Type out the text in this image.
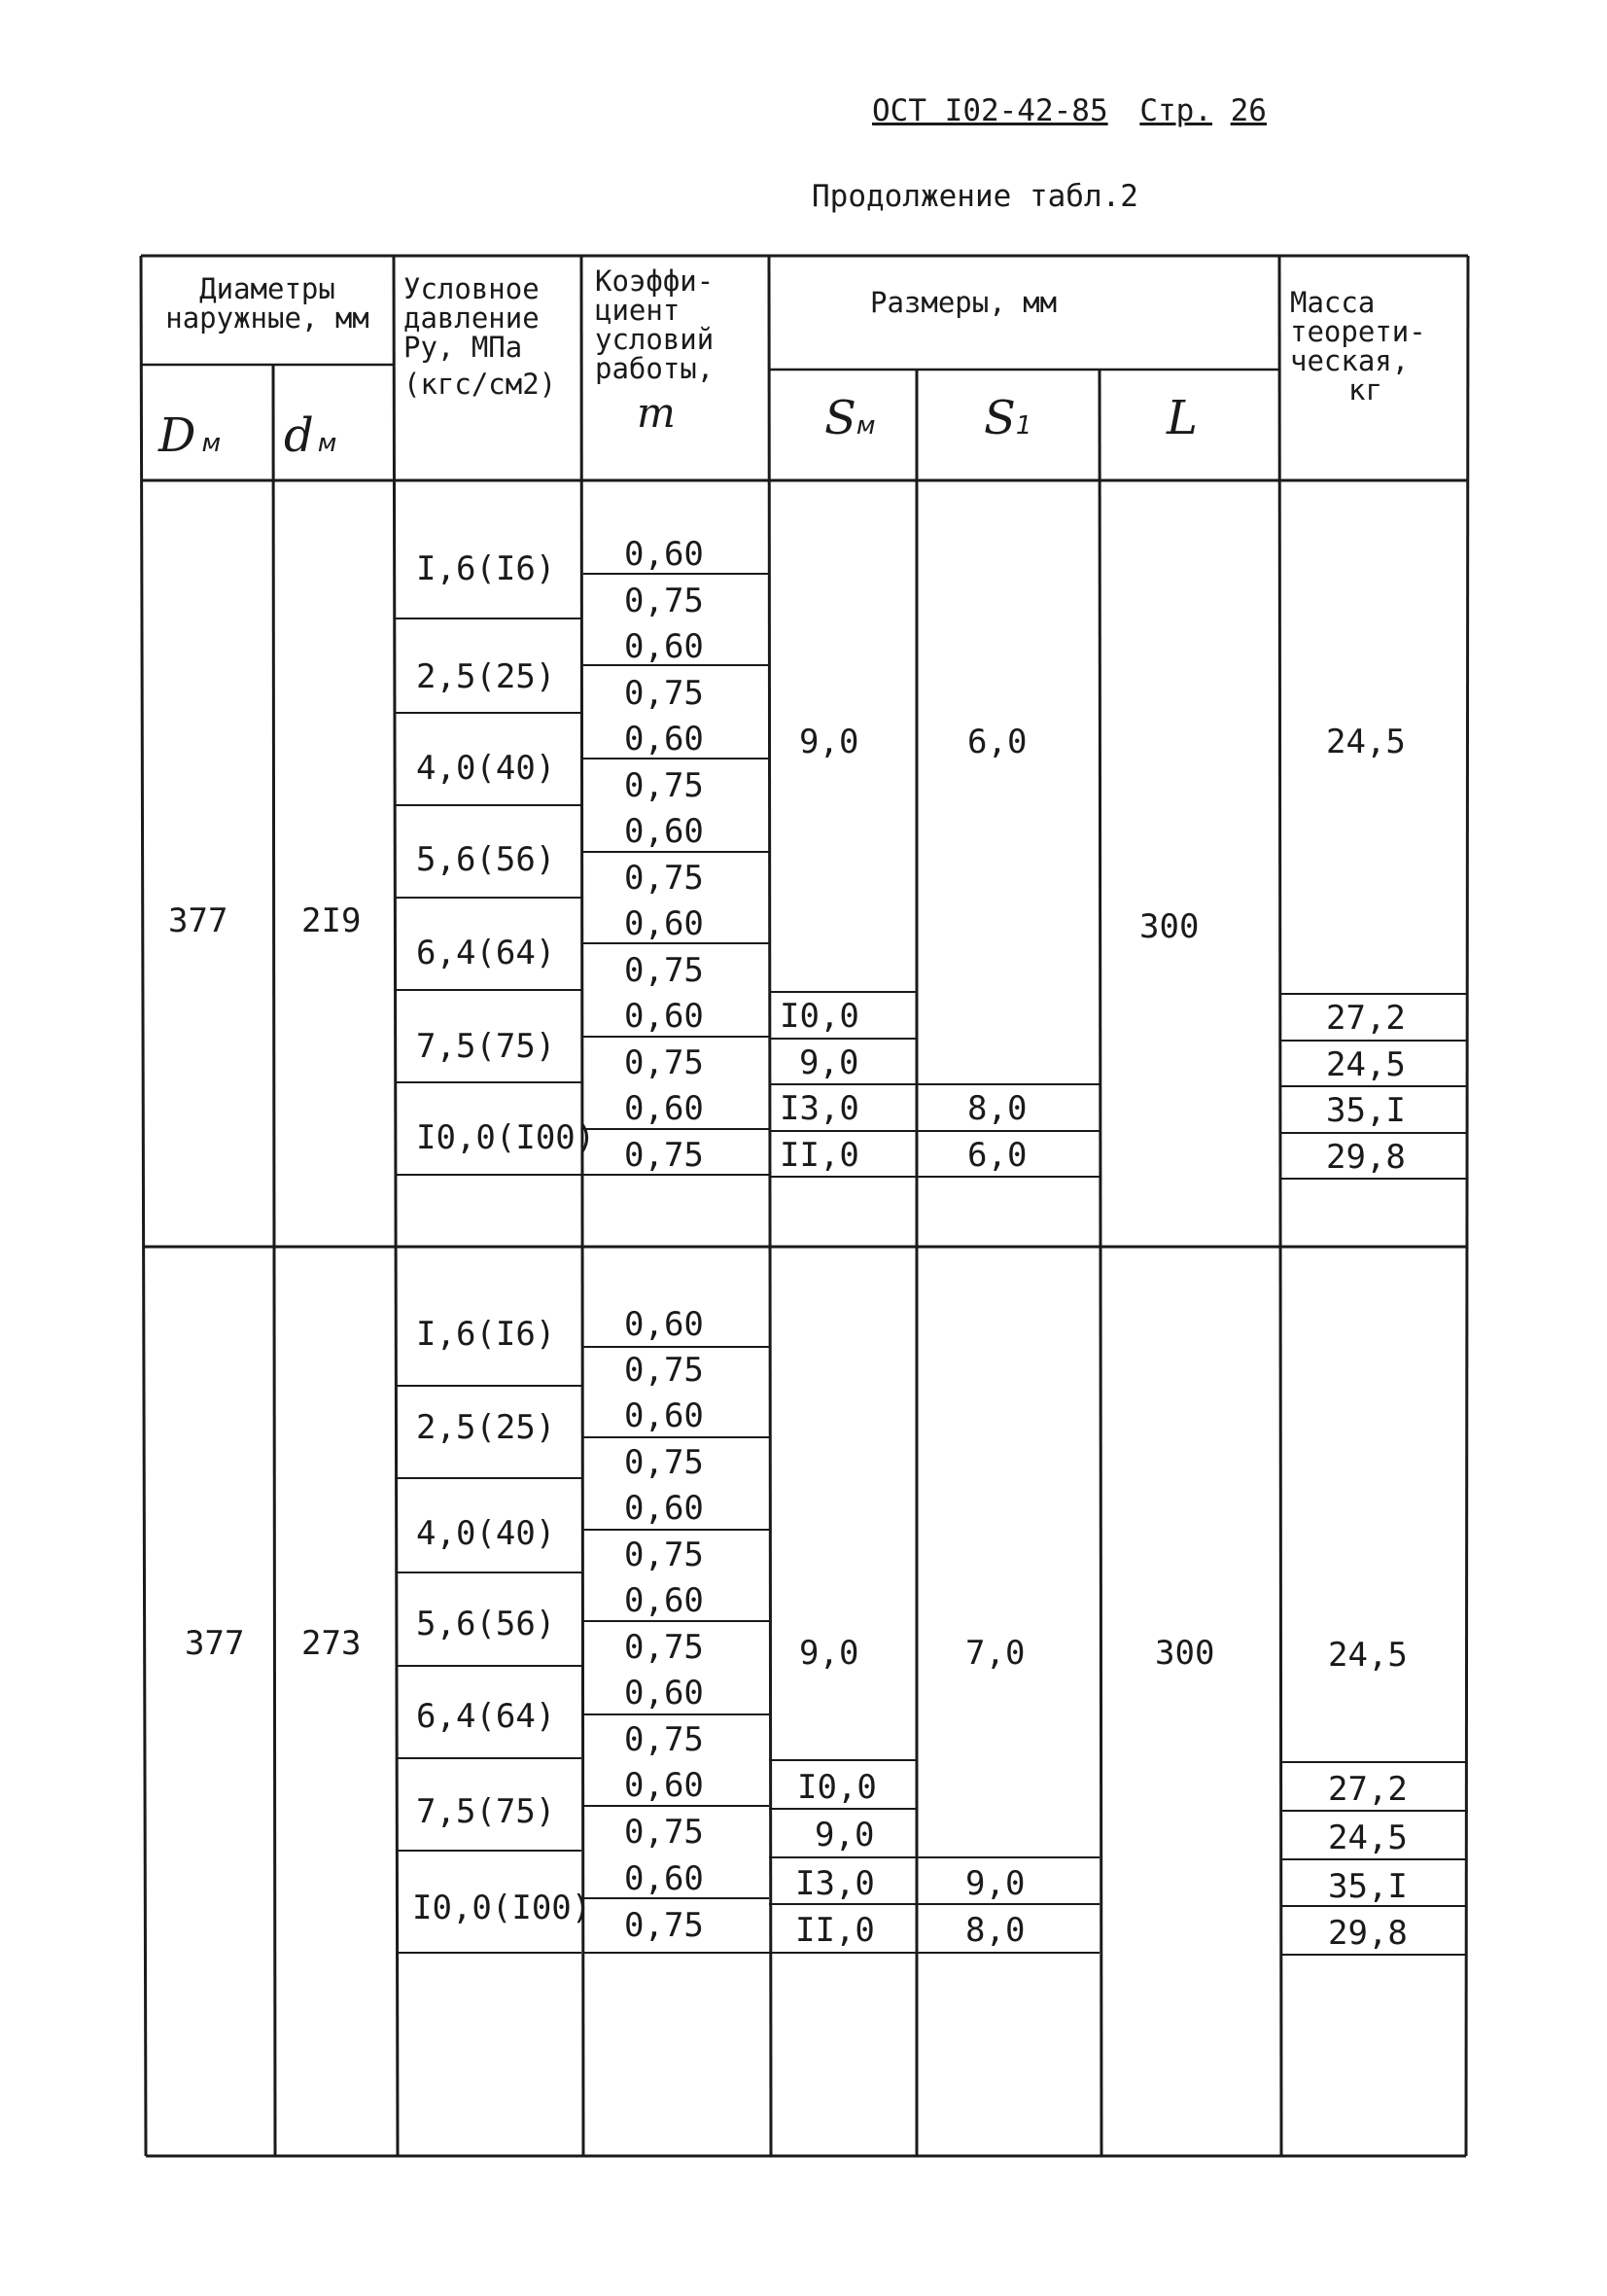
ОСТ I02-42-85 Стр. 26
Продолжение табл.2
Диаметры наружные, мм
Dм dм
Условное
давление
Ру, МПа
(кгс/см2)
Коэффи-
циент
условий
работы,
m
Размеры, мм
Sм S1	L
Масса
теорети-
ческая,
кг
377 2I9
I,6(I6)
2,5(25)
4,0(40)
5,6(56)
6,4(64)
7,5(75)
I0,0(I00)
0,60
0,75
0,60
0,75
0,60
0,75
0,60
0,75
0,60
0,75
0,60
0,75
0,60
0,75
9,0
I0,0
9,0
I3,0
II,0
6,0
8,0
6,0
300
24,5
27,2
24,5
35,I
29,8
377 273
I,6(I6)
2,5(25)
4,0(40)
5,6(56)
6,4(64)
7,5(75)
I0,0(I00)
0,60
0,75
0,60
0,75
0,60
0,75
0,60
0,75
0,60
0,75
0,60
0,75
0,60
0,75
9,0
I0,0
9,0
I3,0
II,0
7,0
9,0
8,0
300	24,5
27,2
24,5
35,I
29,8
